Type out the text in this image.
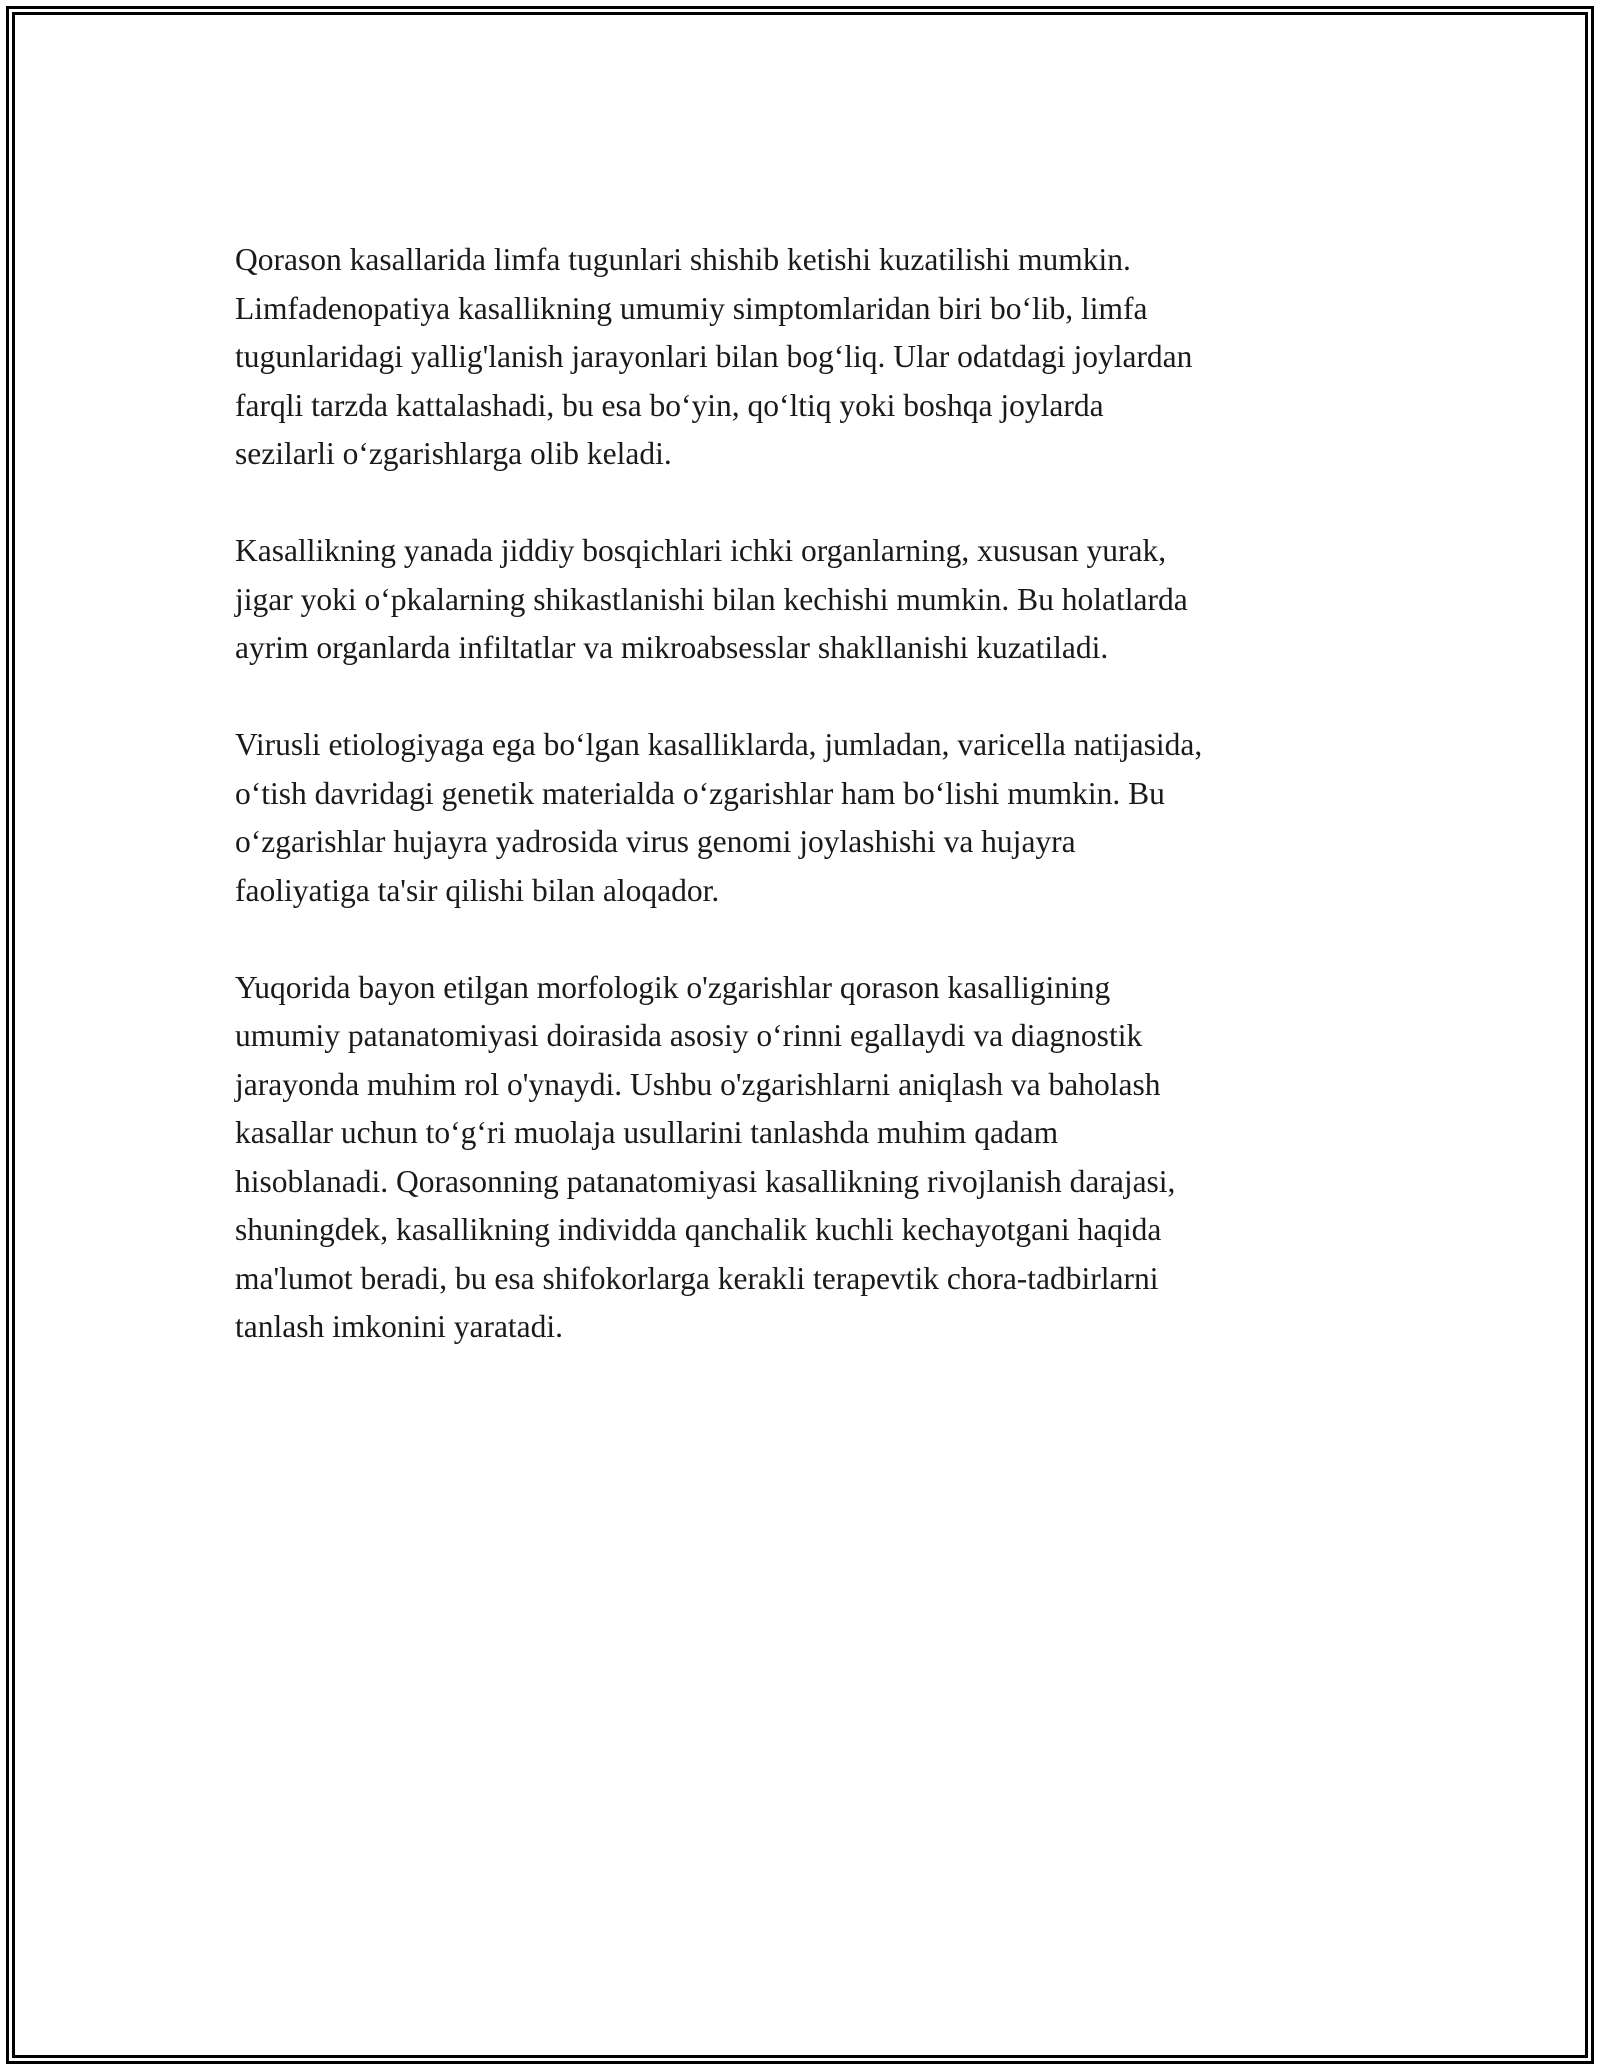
Qorason kasallarida limfa tugunlari shishib ketishi kuzatilishi mumkin.
Limfadenopatiya kasallikning umumiy simptomlaridan biri bo‘lib, limfa
tugunlaridagi yallig'lanish jarayonlari bilan bog‘liq. Ular odatdagi joylardan
farqli tarzda kattalashadi, bu esa bo‘yin, qo‘ltiq yoki boshqa joylarda
sezilarli o‘zgarishlarga olib keladi.

Kasallikning yanada jiddiy bosqichlari ichki organlarning, xususan yurak,
jigar yoki o‘pkalarning shikastlanishi bilan kechishi mumkin. Bu holatlarda
ayrim organlarda infiltatlar va mikroabsesslar shakllanishi kuzatiladi.

Virusli etiologiyaga ega bo‘lgan kasalliklarda, jumladan, varicella natijasida,
o‘tish davridagi genetik materialda o‘zgarishlar ham bo‘lishi mumkin. Bu
o‘zgarishlar hujayra yadrosida virus genomi joylashishi va hujayra
faoliyatiga ta'sir qilishi bilan aloqador.

Yuqorida bayon etilgan morfologik o'zgarishlar qorason kasalligining
umumiy patanatomiyasi doirasida asosiy o‘rinni egallaydi va diagnostik
jarayonda muhim rol o'ynaydi. Ushbu o'zgarishlarni aniqlash va baholash
kasallar uchun to‘g‘ri muolaja usullarini tanlashda muhim qadam
hisoblanadi. Qorasonning patanatomiyasi kasallikning rivojlanish darajasi,
shuningdek, kasallikning individda qanchalik kuchli kechayotgani haqida
ma'lumot beradi, bu esa shifokorlarga kerakli terapevtik chora-tadbirlarni
tanlash imkonini yaratadi.
